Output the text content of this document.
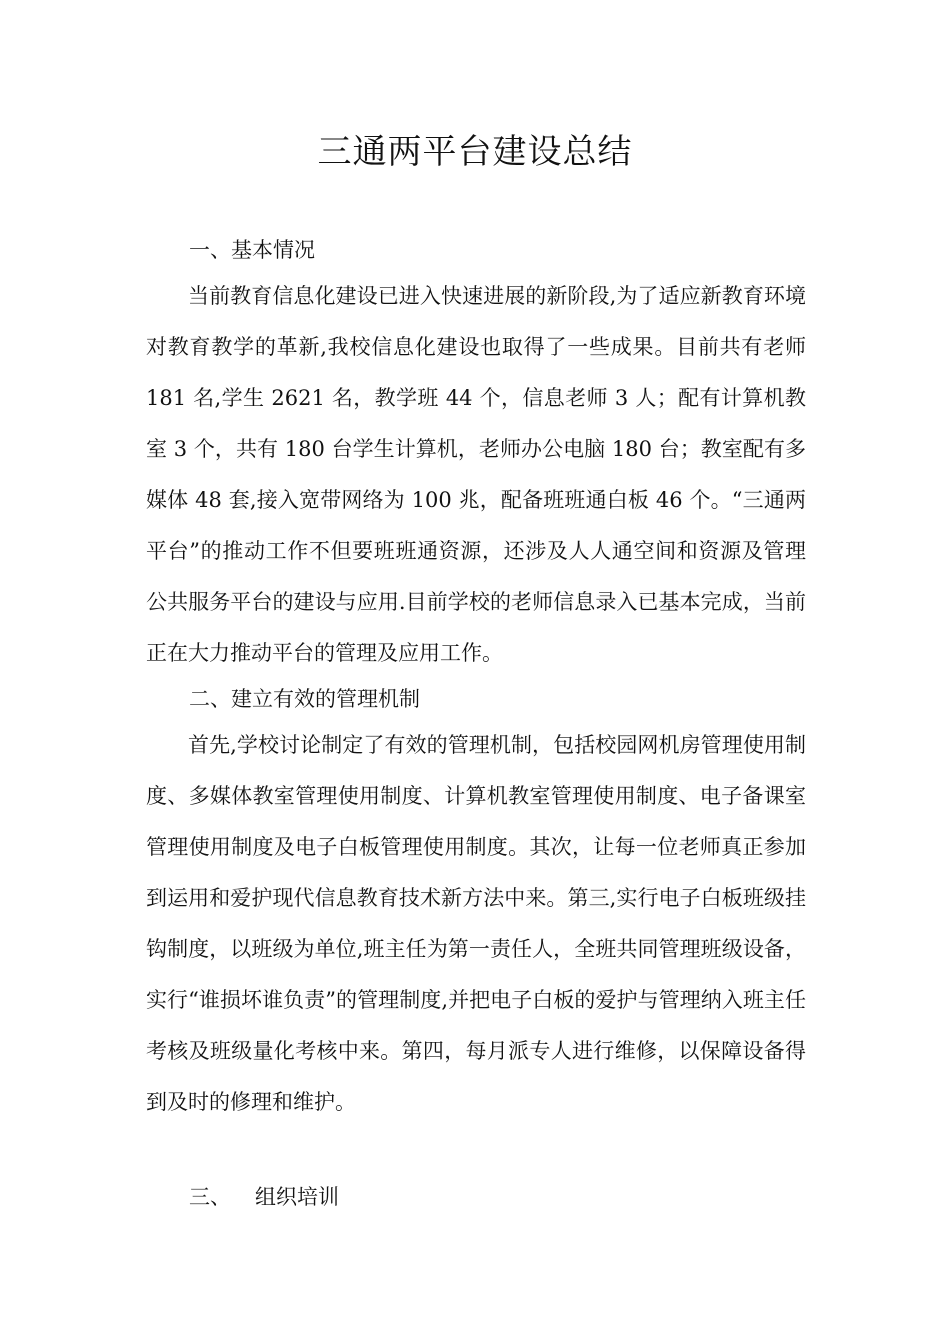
三通两平台建设总结
一、基本情况

当前教育信息化建设已进入快速进展的新阶段,为了适应新教育环境对教育教学的革新,我校信息化建设也取得了一些成果。目前共有老师 181 名,学生 2621 名，教学班 44 个，信息老师 3 人；配有计算机教室 3 个，共有 180 台学生计算机，老师办公电脑 180 台；教室配有多媒体 48 套,接入宽带网络为 100 兆，配备班班通白板 46 个。“三通两平台”的推动工作不但要班班通资源，还涉及人人通空间和资源及管理公共服务平台的建设与应用.目前学校的老师信息录入已基本完成，当前正在大力推动平台的管理及应用工作。

二、建立有效的管理机制

首先,学校讨论制定了有效的管理机制，包括校园网机房管理使用制度、多媒体教室管理使用制度、计算机教室管理使用制度、电子备课室管理使用制度及电子白板管理使用制度。其次，让每一位老师真正参加到运用和爱护现代信息教育技术新方法中来。第三,实行电子白板班级挂钩制度，以班级为单位,班主任为第一责任人，全班共同管理班级设备，实行“谁损坏谁负责”的管理制度,并把电子白板的爱护与管理纳入班主任考核及班级量化考核中来。第四，每月派专人进行维修，以保障设备得到及时的修理和维护。

三、 组织培训
